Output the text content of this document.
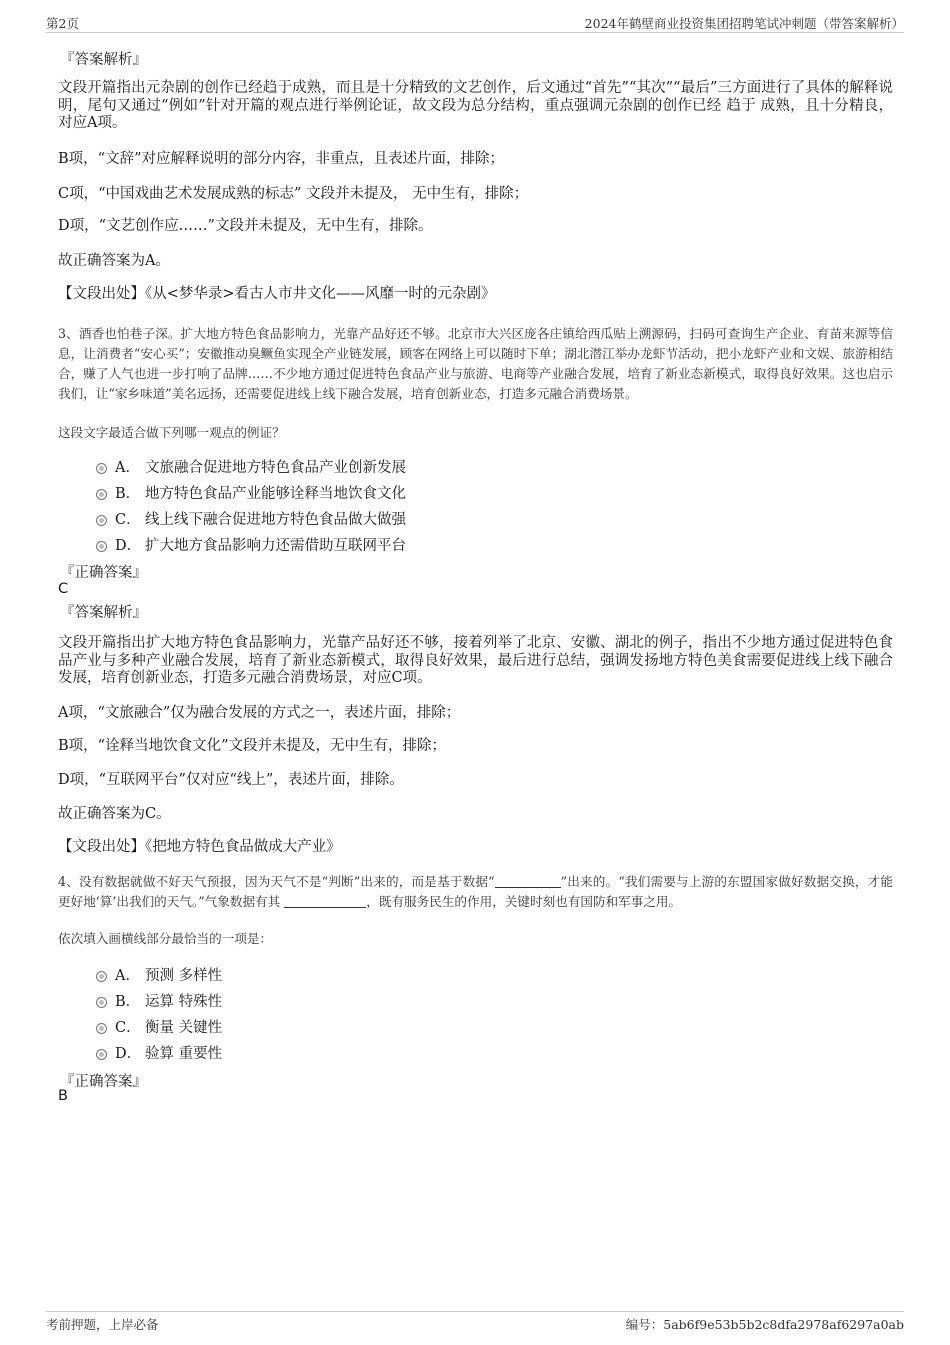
第2页	2024年鹤壁商业投资集团招聘笔试冲刺题（带答案解析）
『答案解析』
文段开篇指出元杂剧的创作已经趋于成熟，而且是十分精致的文艺创作，后文通过“首先”“其次”“最后”三方面进行了具体的解释说明，尾句又通过“例如”针对开篇的观点进行举例论证，故文段为总分结构，重点强调元杂剧的创作已经 趋于 成熟，且十分精良，对应A项。
B项，“文辞”对应解释说明的部分内容，非重点，且表述片面，排除；
C项，“中国戏曲艺术发展成熟的标志” 文段并未提及， 无中生有，排除；
D项，“文艺创作应……”文段并未提及，无中生有，排除。
故正确答案为A。
【文段出处】《从<梦华录>看古人市井文化——风靡一时的元杂剧》
3、酒香也怕巷子深。扩大地方特色食品影响力，光靠产品好还不够。北京市大兴区庞各庄镇给西瓜贴上溯源码，扫码可查询生产企业、育苗来源等信息，让消费者“安心买”；安徽推动臭鳜鱼实现全产业链发展，顾客在网络上可以随时下单；湖北潜江举办龙虾节活动，把小龙虾产业和文娱、旅游相结合，赚了人气也进一步打响了品牌……不少地方通过促进特色食品产业与旅游、电商等产业融合发展，培育了新业态新模式，取得良好效果。这也启示我们，让“家乡味道”美名远扬，还需要促进线上线下融合发展，培育创新业态，打造多元融合消费场景。
这段文字最适合做下列哪一观点的例证？
A． 文旅融合促进地方特色食品产业创新发展
B． 地方特色食品产业能够诠释当地饮食文化
C． 线上线下融合促进地方特色食品做大做强
D． 扩大地方食品影响力还需借助互联网平台
『正确答案』
C
『答案解析』
文段开篇指出扩大地方特色食品影响力，光靠产品好还不够，接着列举了北京、安徽、湖北的例子，指出不少地方通过促进特色食品产业与多种产业融合发展，培育了新业态新模式，取得良好效果，最后进行总结，强调发扬地方特色美食需要促进线上线下融合发展，培育创新业态，打造多元融合消费场景，对应C项。
A项，“文旅融合”仅为融合发展的方式之一，表述片面，排除；
B项，“诠释当地饮食文化”文段并未提及，无中生有，排除；
D项，“互联网平台”仅对应“线上”，表述片面，排除。
故正确答案为C。
【文段出处】《把地方特色食品做成大产业》
4、没有数据就做不好天气预报，因为天气不是“判断”出来的，而是基于数据“	”出来的。“我们需要与上游的东盟国家做好数据交换，才能更好地‘算’出我们的天气。”气象数据有其	，既有服务民生的作用，关键时刻也有国防和军事之用。
依次填入画横线部分最恰当的一项是：
A． 预测 多样性
B． 运算 特殊性
C． 衡量 关键性
D． 验算 重要性
『正确答案』
B
考前押题，上岸必备	编号：5ab6f9e53b5b2c8dfa2978af6297a0ab
